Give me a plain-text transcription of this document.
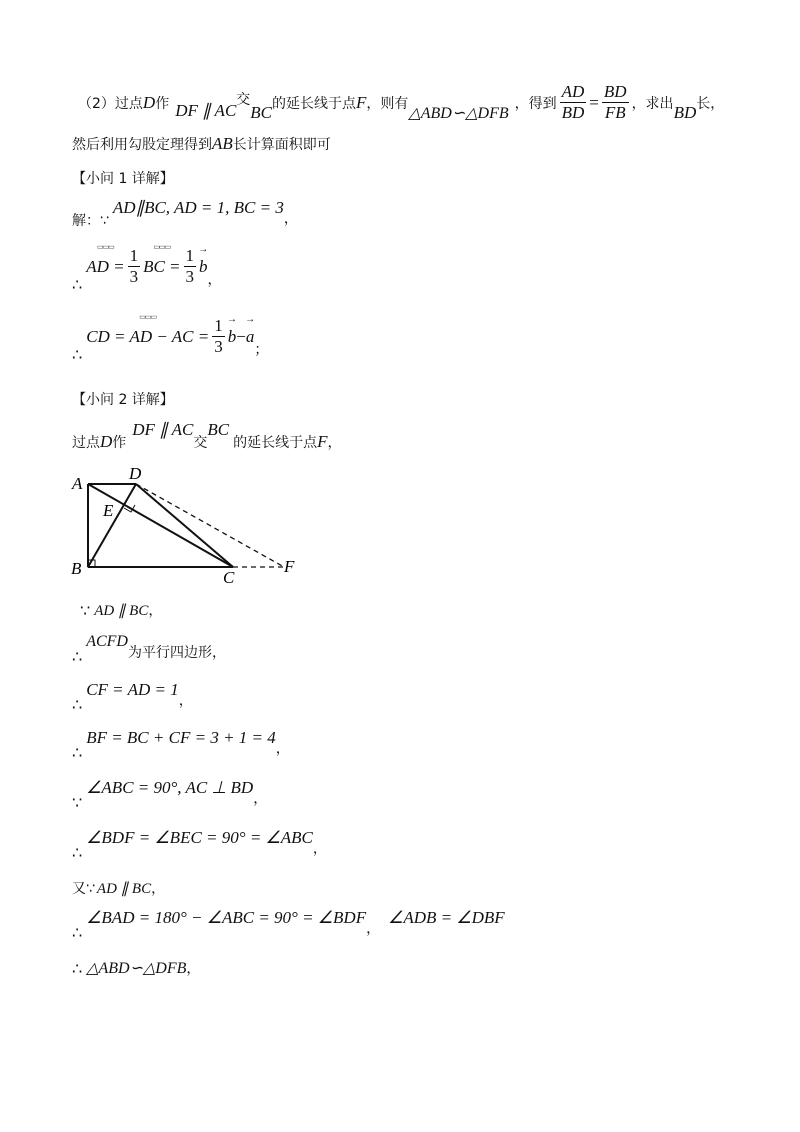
（2）过点 D 作 DF ∥ AC
交
BC 的延长线于点 F ，则有
△ABD∽△DFB
，得到 $\frac{AD}{BD} = \frac{BD}{FB}$ ，求出 BD 长，
然后利用勾股定理得到 AB 长计算面积即可
【小问 1 详解】
解：∵
AD∥BC, AD = 1, BC = 3
，
∴
▭▭▭ AD = $\frac{1}{3}$
▭▭▭ BC = $\frac{1}{3}$
→ b
，
∴
▭▭▭ CD = AD − AC = $\frac{1}{3}$
→ b −
→ a
；
【小问 2 详解】
过点 D 作
DF ∥ AC
交
BC
的延长线于点 F ，
A
B	C
D
E
F
∵ AD ∥ BC ，
∴
ACFD
为平行四边形，
∴
CF = AD = 1
，
∴
BF = BC + CF = 3 + 1 = 4
，
∵
∠ABC = 90°, AC ⊥ BD
，
∴
∠BDF = ∠BEC = 90° = ∠ABC
，
又∵ AD ∥ BC ，
∴
∠BAD = 180° − ∠ABC = 90° = ∠BDF
，
∠ADB = ∠DBF
∴ △ABD∽△DFB ，
